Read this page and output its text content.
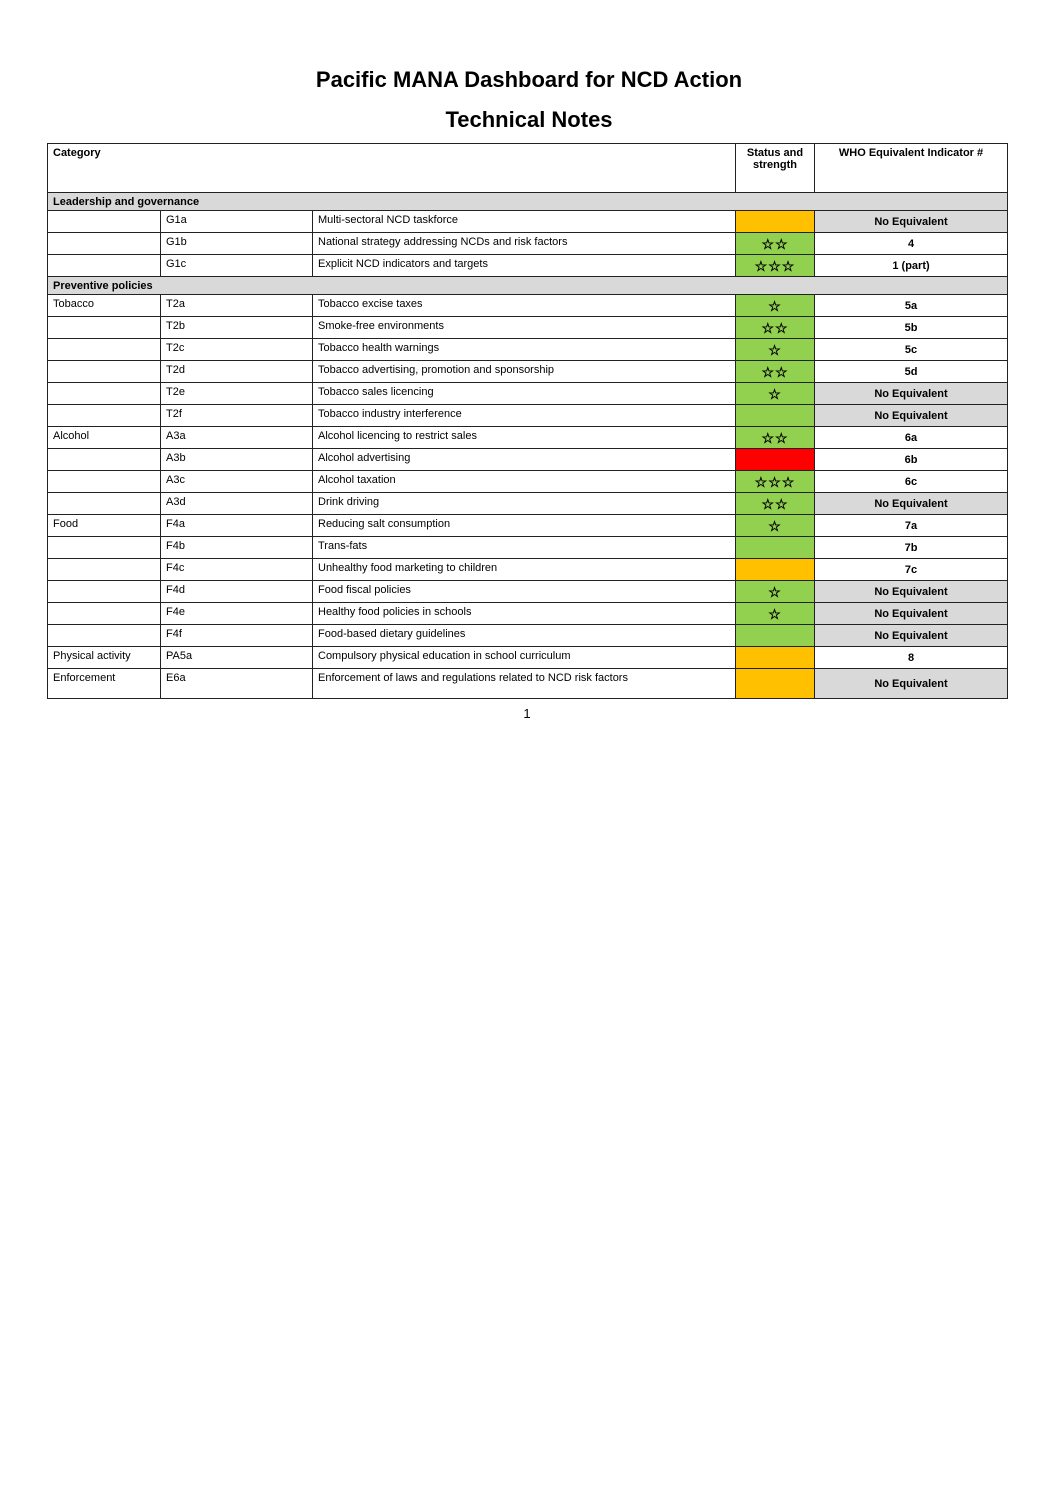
Pacific MANA Dashboard for NCD Action
Technical Notes
Category			Status and strength	WHO Equivalent Indicator #
Leadership and governance				
	G1a	Multi-sectoral NCD taskforce		No Equivalent
	G1b	National strategy addressing NCDs and risk factors	☆☆	4
	G1c	Explicit NCD indicators and targets	☆☆☆	1 (part)
Preventive policies				
Tobacco	T2a	Tobacco excise taxes	☆	5a
	T2b	Smoke-free environments	☆☆	5b
	T2c	Tobacco health warnings	☆	5c
	T2d	Tobacco advertising, promotion and sponsorship	☆☆	5d
	T2e	Tobacco sales licencing	☆	No Equivalent
	T2f	Tobacco industry interference		No Equivalent
Alcohol	A3a	Alcohol licencing to restrict sales	☆☆	6a
	A3b	Alcohol advertising		6b
	A3c	Alcohol taxation	☆☆☆	6c
	A3d	Drink driving	☆☆	No Equivalent
Food	F4a	Reducing salt consumption	☆	7a
	F4b	Trans-fats		7b
	F4c	Unhealthy food marketing to children		7c
	F4d	Food fiscal policies	☆	No Equivalent
	F4e	Healthy food policies in schools	☆	No Equivalent
	F4f	Food-based dietary guidelines		No Equivalent
Physical activity	PA5a	Compulsory physical education in school curriculum		8
Enforcement	E6a	Enforcement of laws and regulations related to NCD risk factors		No Equivalent
1
